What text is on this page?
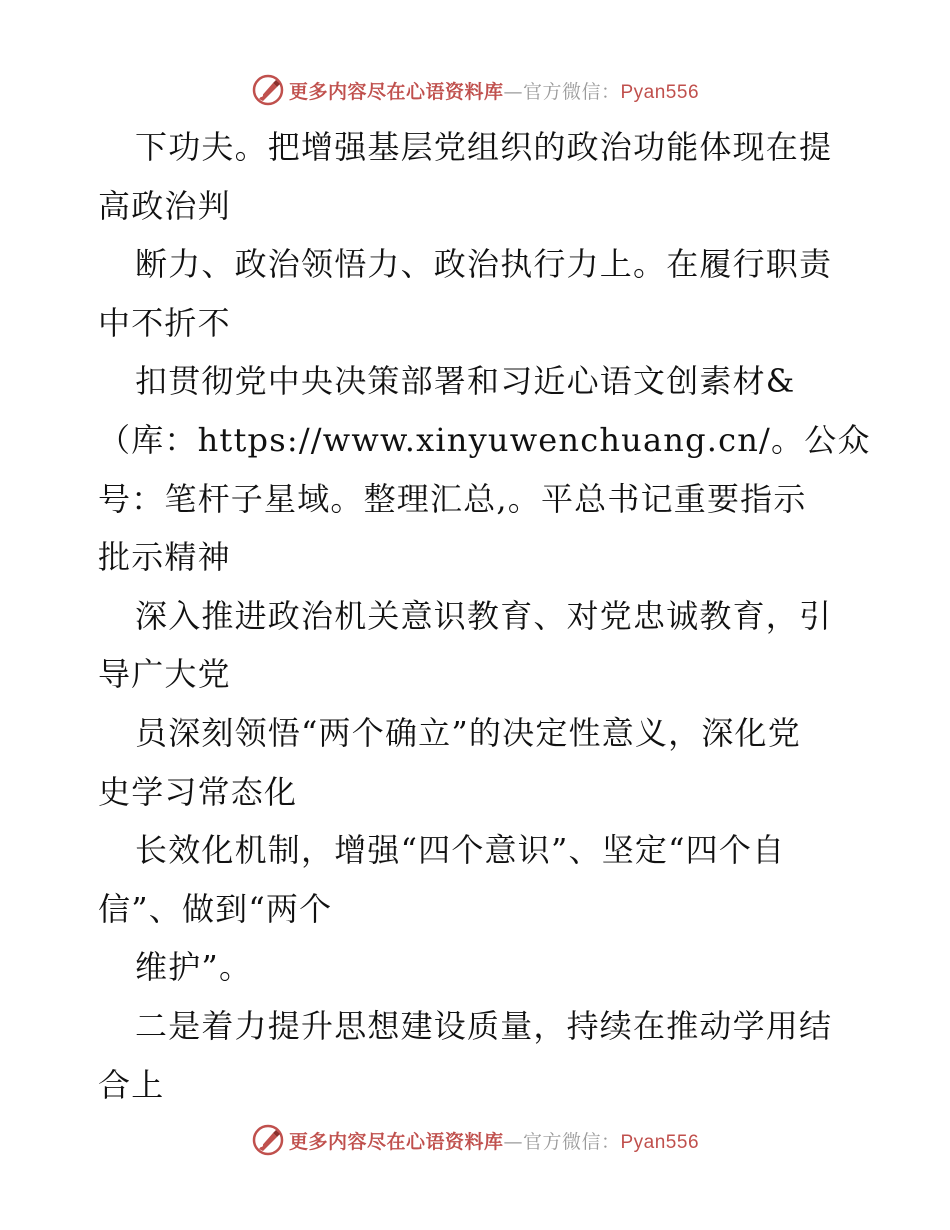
更多内容尽在心语资料库—官方微信：Pyan556
下功夫。把增强基层党组织的政治功能体现在提
高政治判
断力、政治领悟力、政治执行力上。在履行职责
中不折不
扣贯彻党中央决策部署和习近心语文创素材&
（库：https://www.xinyuwenchuang.cn/。公众
号：笔杆子星域。整理汇总,。平总书记重要指示
批示精神
深入推进政治机关意识教育、对党忠诚教育，引
导广大党
员深刻领悟“两个确立”的决定性意义，深化党
史学习常态化
长效化机制，增强“四个意识”、坚定“四个自
信”、做到“两个
维护”。
二是着力提升思想建设质量，持续在推动学用结
合上
更多内容尽在心语资料库—官方微信：Pyan556
